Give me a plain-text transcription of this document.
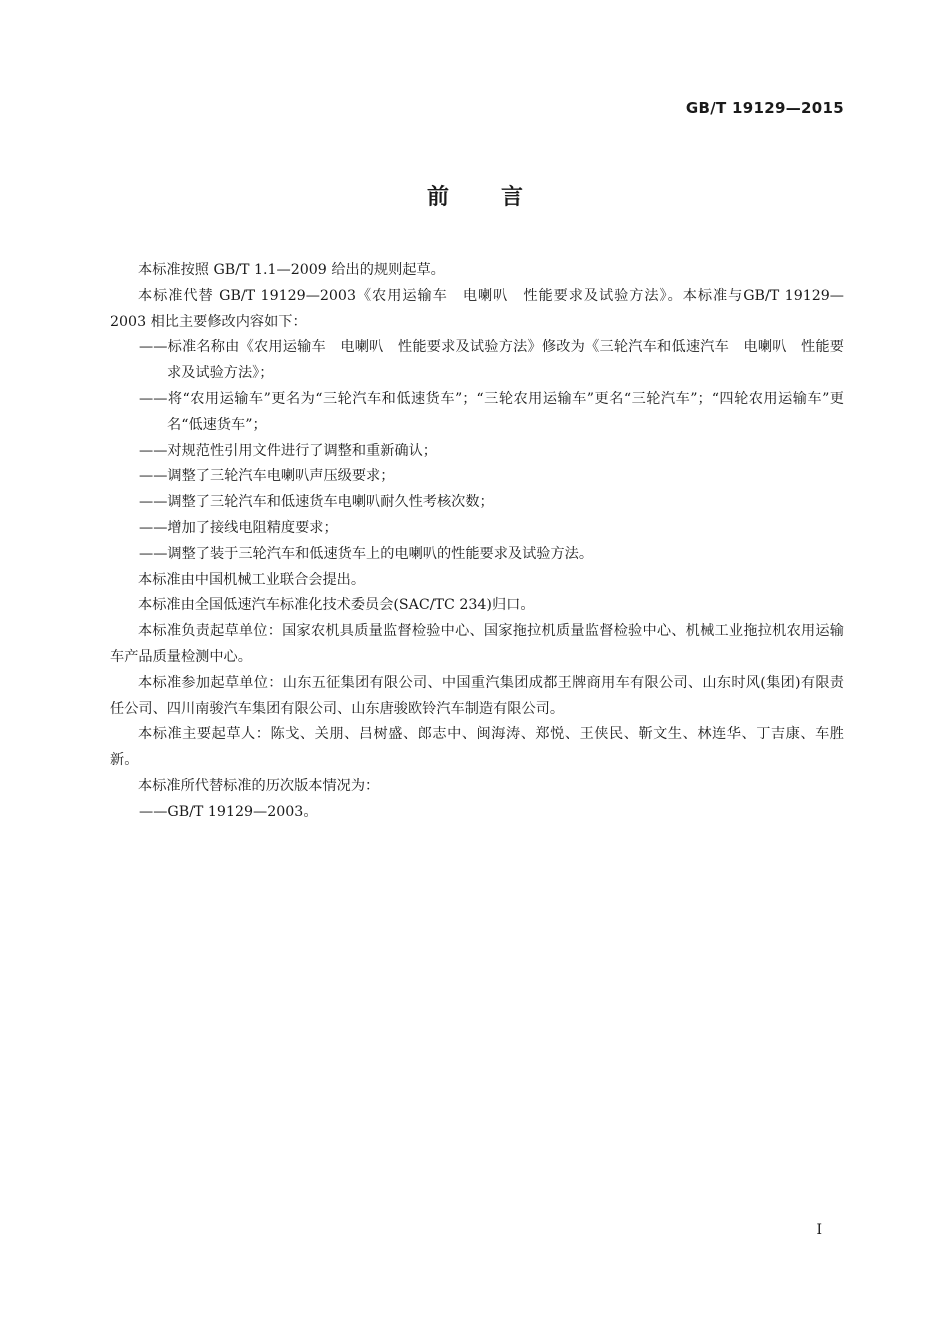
GB/T 19129—2015
前言

本标准按照 GB/T 1.1—2009 给出的规则起草。

本标准代替 GB/T 19129—2003《农用运输车　电喇叭　性能要求及试验方法》。本标准与GB/T 19129—2003 相比主要修改内容如下：

——标准名称由《农用运输车　电喇叭　性能要求及试验方法》修改为《三轮汽车和低速汽车　电喇叭　性能要求及试验方法》；

——将“农用运输车”更名为“三轮汽车和低速货车”；“三轮农用运输车”更名“三轮汽车”；“四轮农用运输车”更名“低速货车”；

——对规范性引用文件进行了调整和重新确认；

——调整了三轮汽车电喇叭声压级要求；

——调整了三轮汽车和低速货车电喇叭耐久性考核次数；

——增加了接线电阻精度要求；

——调整了装于三轮汽车和低速货车上的电喇叭的性能要求及试验方法。

本标准由中国机械工业联合会提出。

本标准由全国低速汽车标准化技术委员会(SAC/TC 234)归口。

本标准负责起草单位：国家农机具质量监督检验中心、国家拖拉机质量监督检验中心、机械工业拖拉机农用运输车产品质量检测中心。

本标准参加起草单位：山东五征集团有限公司、中国重汽集团成都王牌商用车有限公司、山东时风(集团)有限责任公司、四川南骏汽车集团有限公司、山东唐骏欧铃汽车制造有限公司。

本标准主要起草人：陈戈、关朋、吕树盛、郎志中、闽海涛、郑悦、王侠民、靳文生、林连华、丁吉康、车胜新。

本标准所代替标准的历次版本情况为：

——GB/T 19129—2003。

I
